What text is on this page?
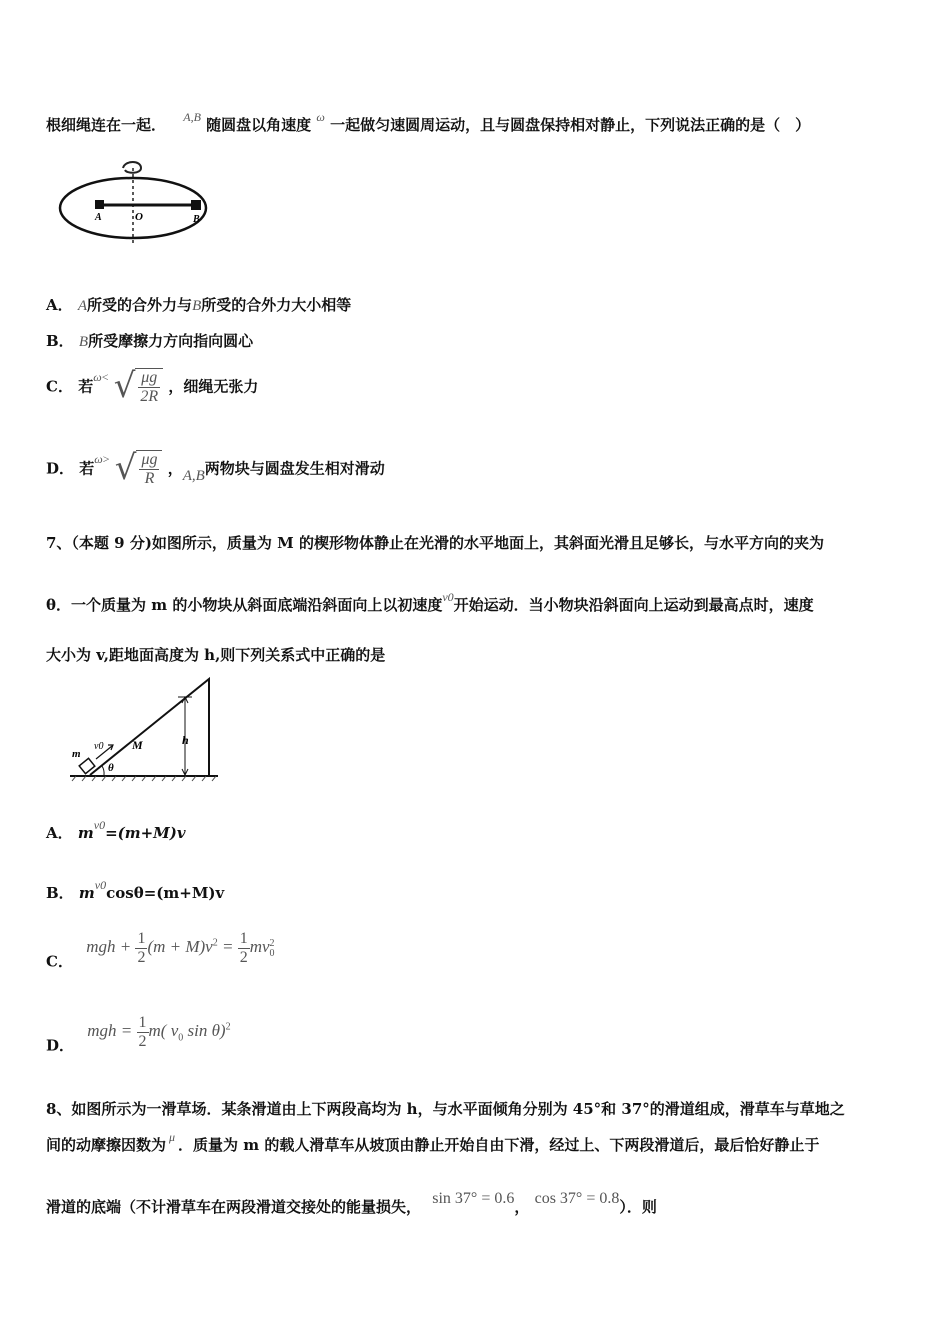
根细绳连在一起． $^{A,B}$ 随圆盘以角速度 $^\omega$ 一起做匀速圆周运动，且与圆盘保持相对静止，下列说法正确的是（　）
A	O	B
A． A所受的合外力与B所受的合外力大小相等
B． B所受摩擦力方向指向圆心
C． 若$^{\omega<}$ √ $\frac{\mu g}{2R}$ ，细绳无张力
D． 若$^{\omega>}$ √ $\frac{\mu g}{R}$ ，A,B两物块与圆盘发生相对滑动
7、（本题 9 分)如图所示，质量为 M 的楔形物体静止在光滑的水平地面上，其斜面光滑且足够长，与水平方向的夹为
θ．一个质量为 m 的小物块从斜面底端沿斜面向上以初速度$^{v0}$开始运动．当小物块沿斜面向上运动到最高点时，速度
大小为 v,距地面高度为 h,则下列关系式中正确的是
m
v0 M	h
θ
A． $m^{v0}=(m+M)v$
B． $m^{v0}\cos\theta=(m+M)v$
C． mgh + $\frac{1}{2} (m + M)v^2 = \frac{1}{2}$ mv 2
0
D． mgh = $\frac{1}{2} m$( $v_0$ sin θ)$^2$
8、如图所示为一滑草场．某条滑道由上下两段高均为 h，与水平面倾角分别为 45°和 37°的滑道组成，滑草车与草地之
间的动摩擦因数为 $^\mu$ ．质量为 m 的载人滑草车从坡顶由静止开始自由下滑，经过上、下两段滑道后，最后恰好静止于
滑道的底端（不计滑草车在两段滑道交接处的能量损失， sin 37° = 0.6， cos 37° = 0.8）．则
